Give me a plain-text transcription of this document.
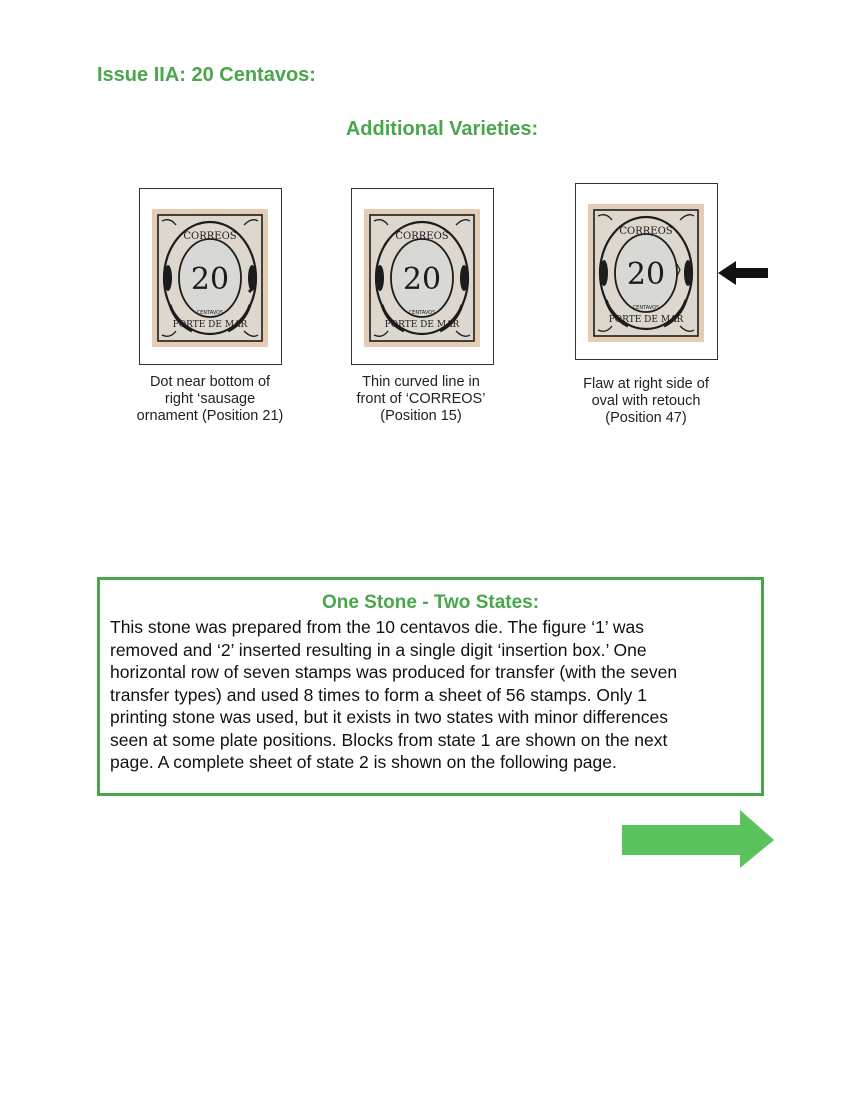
Issue IIA: 20 Centavos:
Additional Varieties:
CORREOS
20
CENTAVOS
PORTE DE MAR
Dot near bottom of
right ‘sausage
ornament (Position 21)
CORREOS
20
CENTAVOS
PORTE DE MAR
Thin curved line in
front of ‘CORREOS’
(Position 15)
CORREOS
20
CENTAVOS
PORTE DE MAR
Flaw at right side of
oval with retouch
(Position 47)
One Stone - Two States:
This stone was prepared from the 10 centavos die. The figure ‘1’ was
removed and ‘2’ inserted resulting in a single digit ‘insertion box.’ One
horizontal row of seven stamps was produced for transfer (with the seven
transfer types) and used 8 times to form a sheet of 56 stamps. Only 1
printing stone was used, but it exists in two states with minor differences
seen at some plate positions. Blocks from state 1 are shown on the next
page. A complete sheet of state 2 is shown on the following page.
